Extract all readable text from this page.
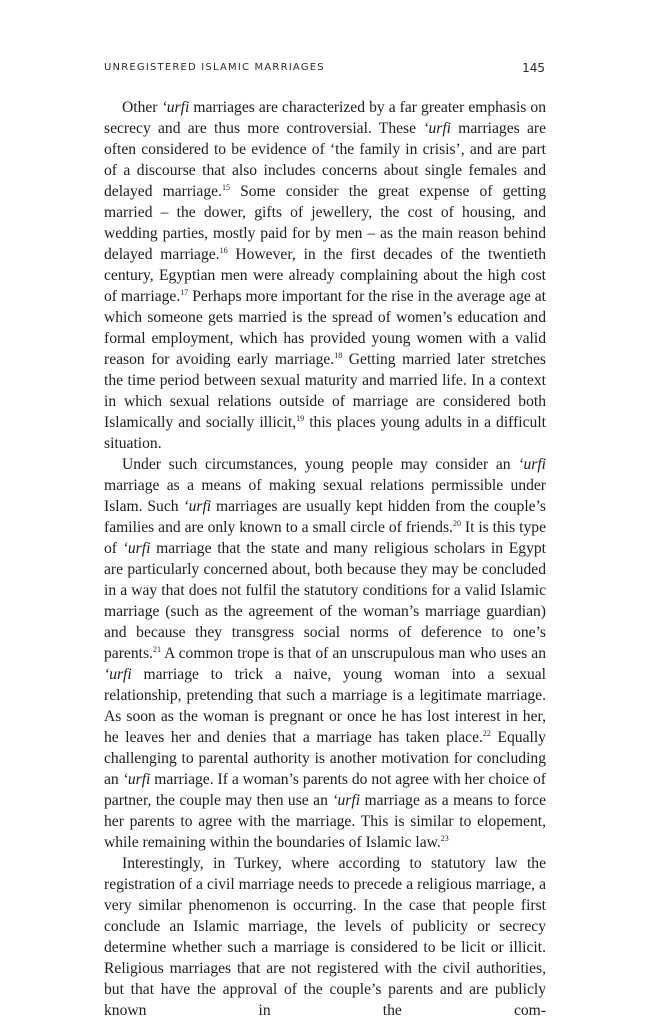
UNREGISTERED ISLAMIC MARRIAGES	145

Other ‘urfi marriages are characterized by a far greater emphasis on secrecy and are thus more controversial. These ‘urfi marriages are often considered to be evidence of ‘the family in crisis’, and are part of a discourse that also includes concerns about single females and delayed marriage.$^{15}$ Some consider the great expense of getting married – the dower, gifts of jewellery, the cost of housing, and wedding parties, mostly paid for by men – as the main reason behind delayed marriage.$^{16}$ However, in the first decades of the twentieth century, Egyptian men were already complaining about the high cost of marriage.$^{17}$ Perhaps more important for the rise in the average age at which someone gets married is the spread of women’s education and formal employment, which has provided young women with a valid reason for avoiding early marriage.$^{18}$ Getting married later stretches the time period between sexual maturity and married life. In a context in which sexual relations outside of marriage are considered both Islamically and socially illicit,$^{19}$ this places young adults in a difficult situation.

Under such circumstances, young people may consider an ‘urfi marriage as a means of making sexual relations permissible under Islam. Such ‘urfi marriages are usually kept hidden from the couple’s families and are only known to a small circle of friends.$^{20}$ It is this type of ‘urfi marriage that the state and many religious scholars in Egypt are particularly concerned about, both because they may be concluded in a way that does not fulfil the statutory conditions for a valid Islamic marriage (such as the agreement of the woman’s marriage guardian) and because they transgress social norms of deference to one’s parents.$^{21}$ A common trope is that of an unscrupulous man who uses an ‘urfi marriage to trick a naive, young woman into a sexual relationship, pretending that such a marriage is a legitimate marriage. As soon as the woman is pregnant or once he has lost interest in her, he leaves her and denies that a marriage has taken place.$^{22}$ Equally challenging to parental authority is another motivation for concluding an ‘urfi marriage. If a woman’s parents do not agree with her choice of partner, the couple may then use an ‘urfi marriage as a means to force her parents to agree with the marriage. This is similar to elopement, while remaining within the boundaries of Islamic law.$^{23}$

Interestingly, in Turkey, where according to statutory law the registration of a civil marriage needs to precede a religious marriage, a very similar phenomenon is occurring. In the case that people first conclude an Islamic marriage, the levels of publicity or secrecy determine whether such a marriage is considered to be licit or illicit. Religious marriages that are not registered with the civil authorities, but that have the approval of the couple’s parents and are publicly known in the com-
